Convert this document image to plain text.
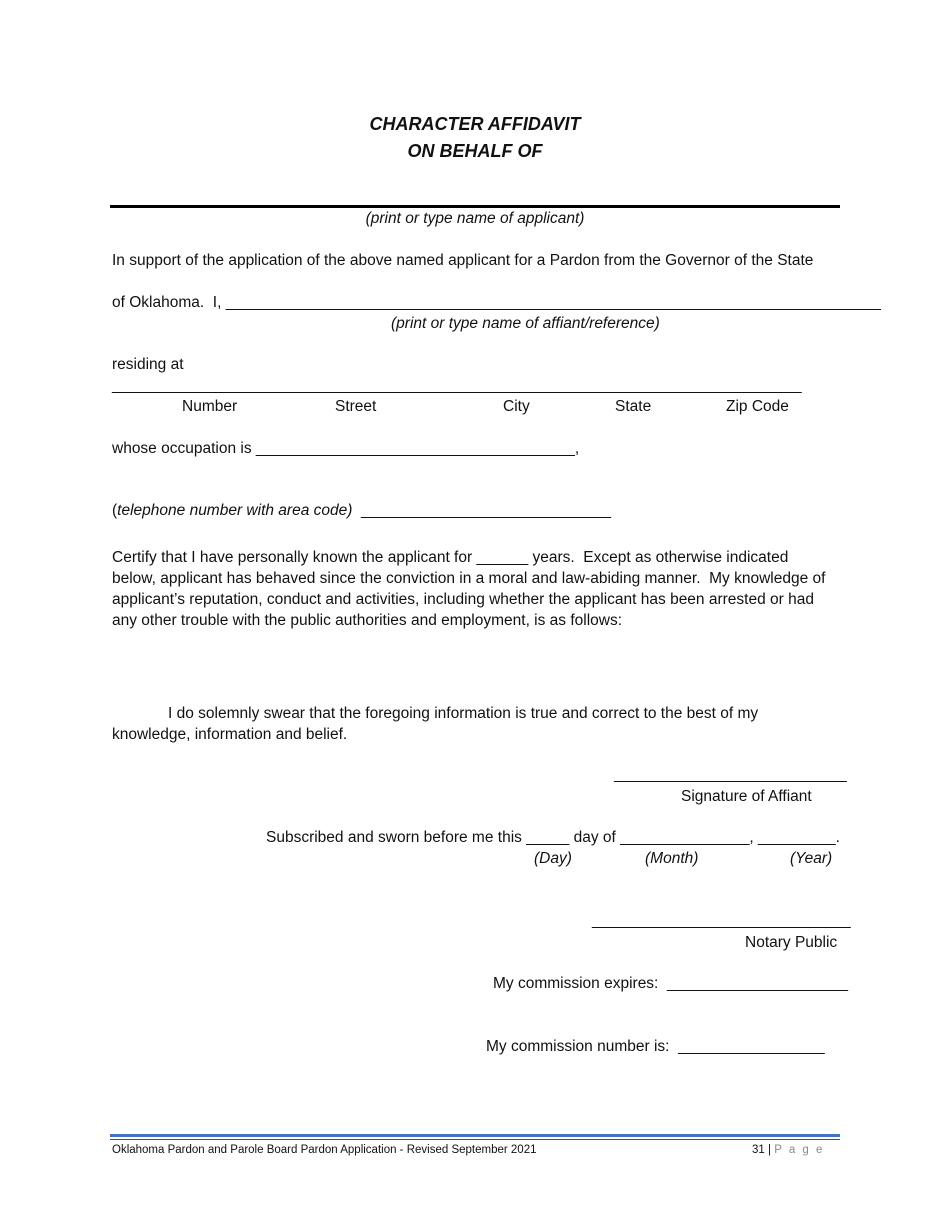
CHARACTER AFFIDAVIT
ON BEHALF OF
(print or type name of applicant)
In support of the application of the above named applicant for a Pardon from the Governor of the State
of Oklahoma.  I, ____________________________________________________________________________
(print or type name of affiant/reference)
residing at
________________________________________________________________________________
Number	Street	City	State	Zip Code
whose occupation is _____________________________________,
(telephone number with area code)  _____________________________
Certify that I have personally known the applicant for ______ years.  Except as otherwise indicated
below, applicant has behaved since the conviction in a moral and law-abiding manner.  My knowledge of
applicant’s reputation, conduct and activities, including whether the applicant has been arrested or had
any other trouble with the public authorities and employment, is as follows:
I do solemnly swear that the foregoing information is true and correct to the best of my
knowledge, information and belief.
___________________________
Signature of Affiant
Subscribed and sworn before me this _____ day of _______________, _________.
(Day)	(Month)	(Year)
______________________________
Notary Public
My commission expires:  _____________________
My commission number is:  _________________
Oklahoma Pardon and Parole Board Pardon Application - Revised September 2021	31 | P a g e
